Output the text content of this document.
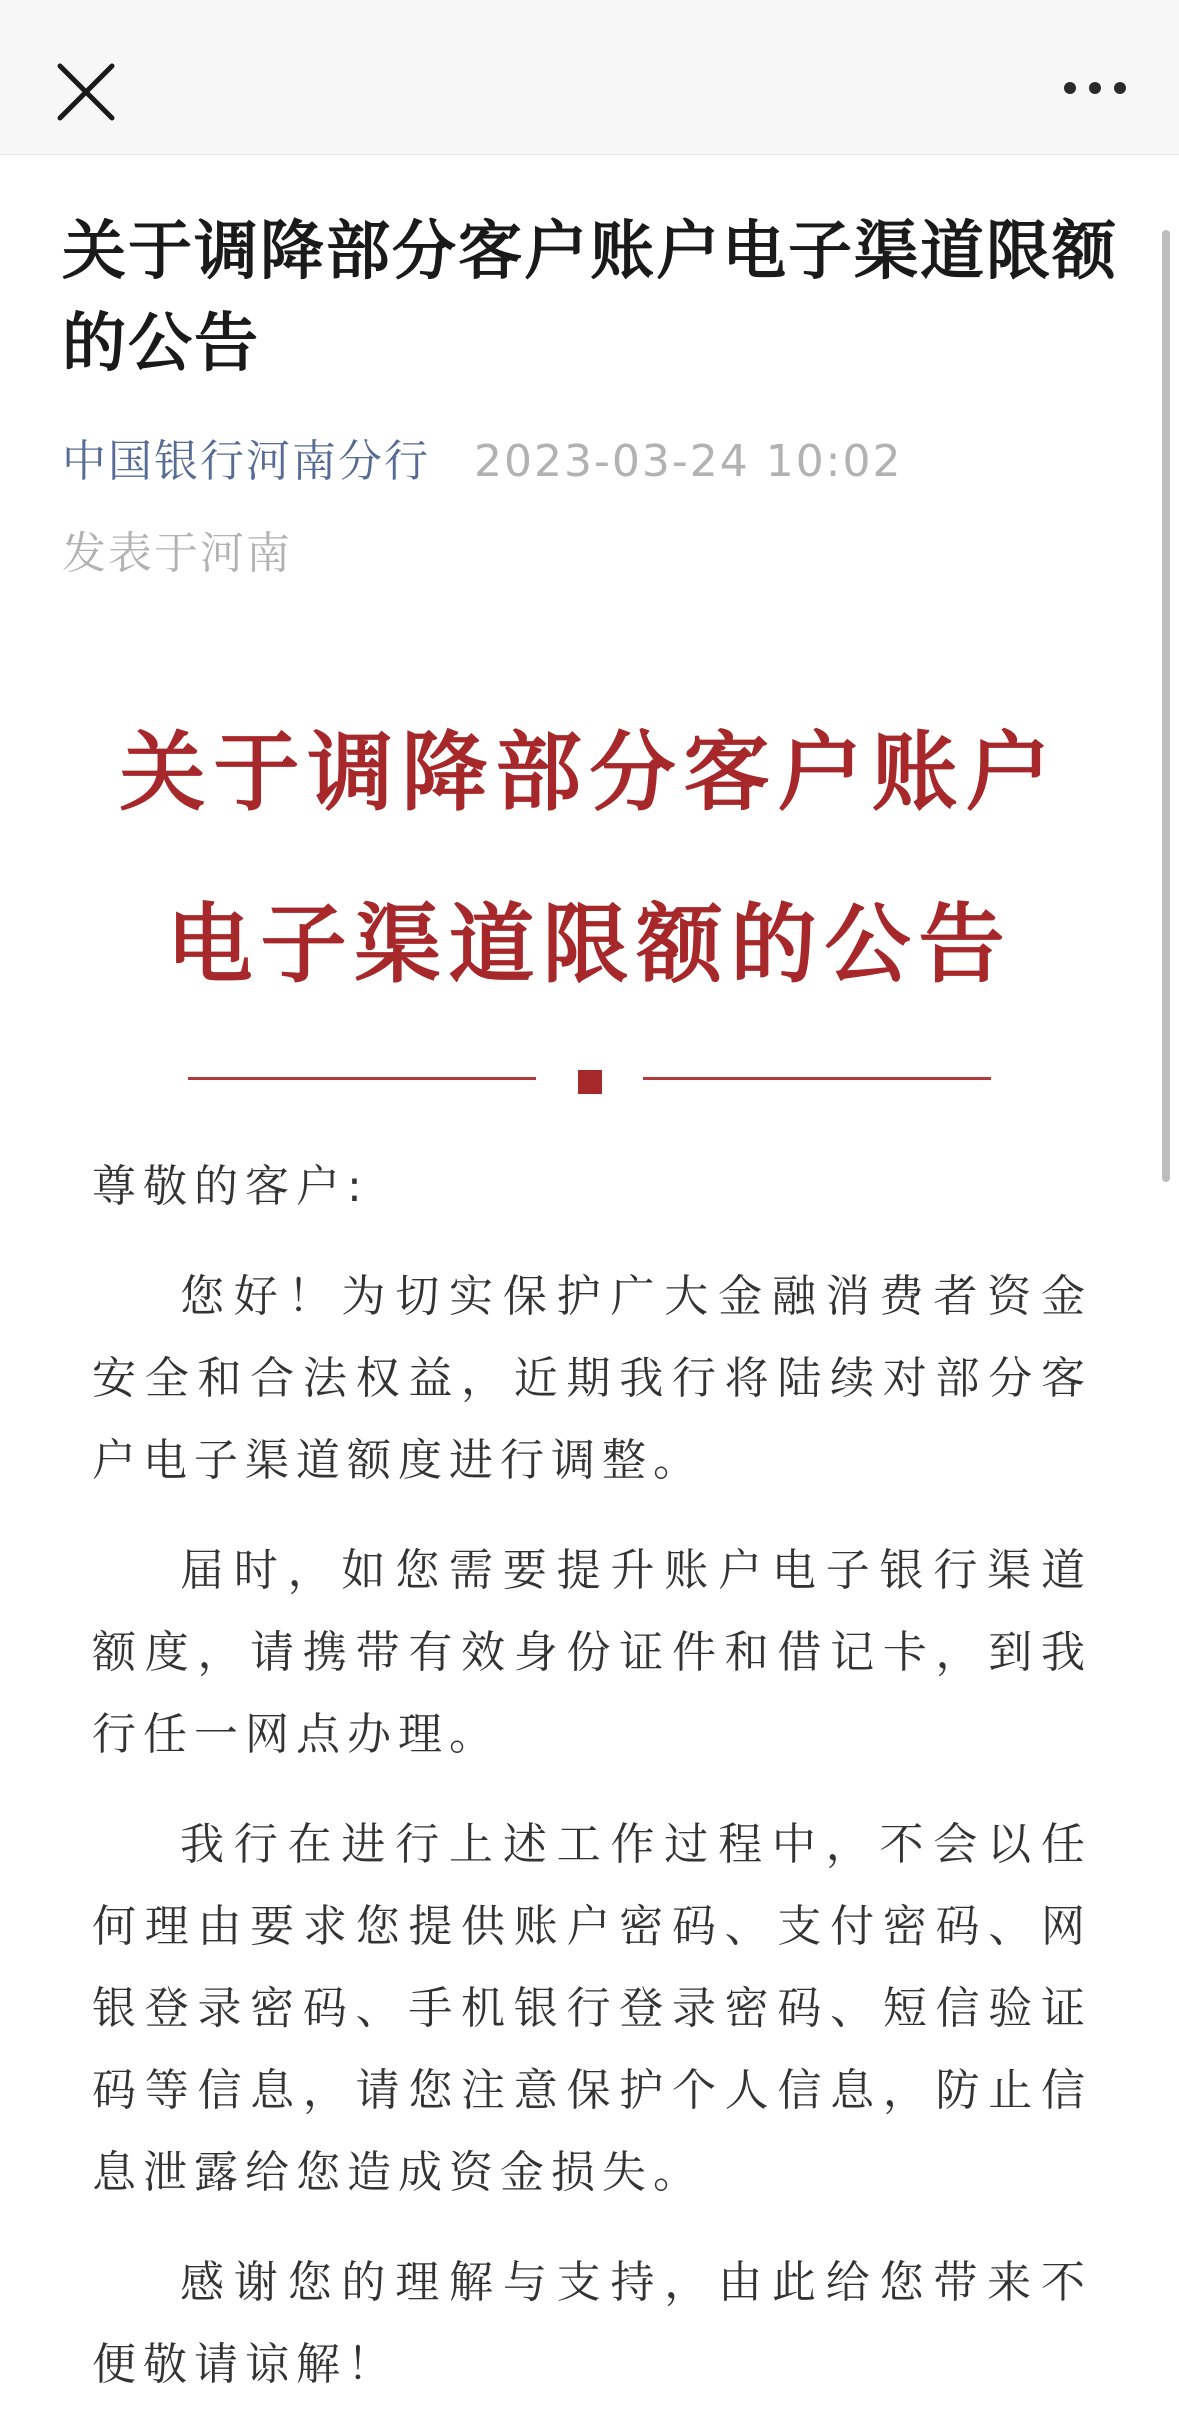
关于调降部分客户账户电子渠道限额的公告
中国银行河南分行 2023-03-24 10:02
发表于河南
关于调降部分客户账户
电子渠道限额的公告

尊敬的客户:

您好！为切实保护广大金融消费者资金安全和合法权益，近期我行将陆续对部分客户电子渠道额度进行调整。

届时，如您需要提升账户电子银行渠道额度，请携带有效身份证件和借记卡，到我行任一网点办理。

我行在进行上述工作过程中，不会以任何理由要求您提供账户密码、支付密码、网银登录密码、手机银行登录密码、短信验证码等信息，请您注意保护个人信息，防止信息泄露给您造成资金损失。

感谢您的理解与支持，由此给您带来不便敬请谅解！
